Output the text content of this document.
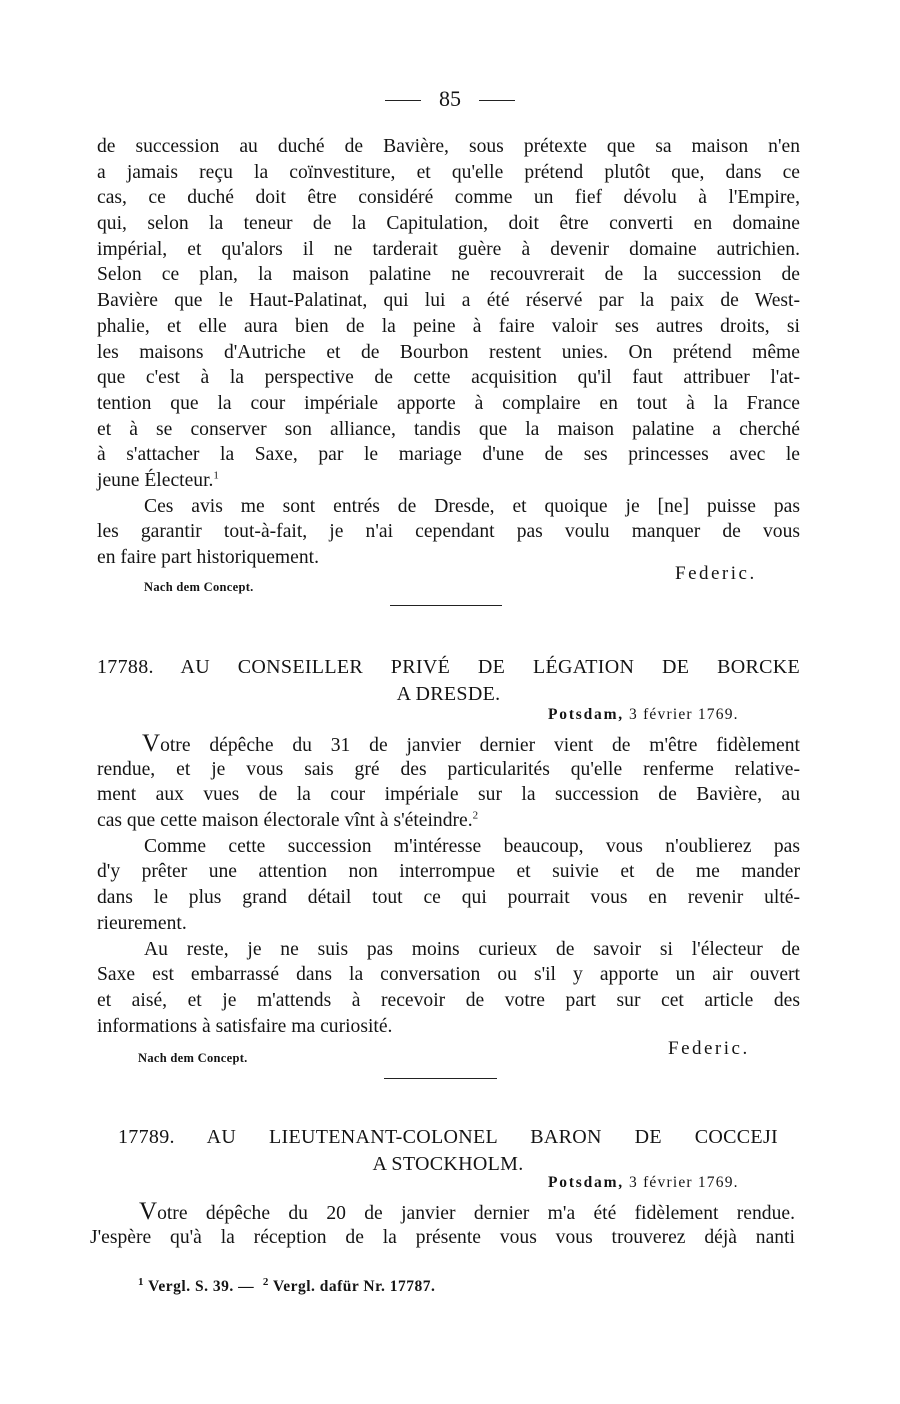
85
de succession au duché de Bavière, sous prétexte que sa maison n'en
a jamais reçu la coïnvestiture, et qu'elle prétend plutôt que, dans ce
cas, ce duché doit être considéré comme un fief dévolu à l'Empire,
qui, selon la teneur de la Capitulation, doit être converti en domaine
impérial, et qu'alors il ne tarderait guère à devenir domaine autrichien.
Selon ce plan, la maison palatine ne recouvrerait de la succession de
Bavière que le Haut-Palatinat, qui lui a été réservé par la paix de West-
phalie, et elle aura bien de la peine à faire valoir ses autres droits, si
les maisons d'Autriche et de Bourbon restent unies. On prétend même
que c'est à la perspective de cette acquisition qu'il faut attribuer l'at-
tention que la cour impériale apporte à complaire en tout à la France
et à se conserver son alliance, tandis que la maison palatine a cherché
à s'attacher la Saxe, par le mariage d'une de ses princesses avec le
jeune Électeur.$^1$
Ces avis me sont entrés de Dresde, et quoique je [ne] puisse pas
les garantir tout-à-fait, je n'ai cependant pas voulu manquer de vous
en faire part historiquement.
Nach dem Concept.
Federic.
17788. AU CONSEILLER PRIVÉ DE LÉGATION DE BORCKE
A DRESDE.
Potsdam, 3 février 1769.
Votre dépêche du 31 de janvier dernier vient de m'être fidèlement
rendue, et je vous sais gré des particularités qu'elle renferme relative-
ment aux vues de la cour impériale sur la succession de Bavière, au
cas que cette maison électorale vînt à s'éteindre.$^2$
Comme cette succession m'intéresse beaucoup, vous n'oublierez pas
d'y prêter une attention non interrompue et suivie et de me mander
dans le plus grand détail tout ce qui pourrait vous en revenir ulté-
rieurement.
Au reste, je ne suis pas moins curieux de savoir si l'électeur de
Saxe est embarrassé dans la conversation ou s'il y apporte un air ouvert
et aisé, et je m'attends à recevoir de votre part sur cet article des
informations à satisfaire ma curiosité.
Nach dem Concept.	Federic.
17789. AU LIEUTENANT-COLONEL BARON DE COCCEJI
A STOCKHOLM.
Potsdam, 3 février 1769.
Votre dépêche du 20 de janvier dernier m'a été fidèlement rendue.
J'espère qu'à la réception de la présente vous vous trouverez déjà nanti
$^1$ Vergl. S. 39. — $^2$ Vergl. dafür Nr. 17787.
